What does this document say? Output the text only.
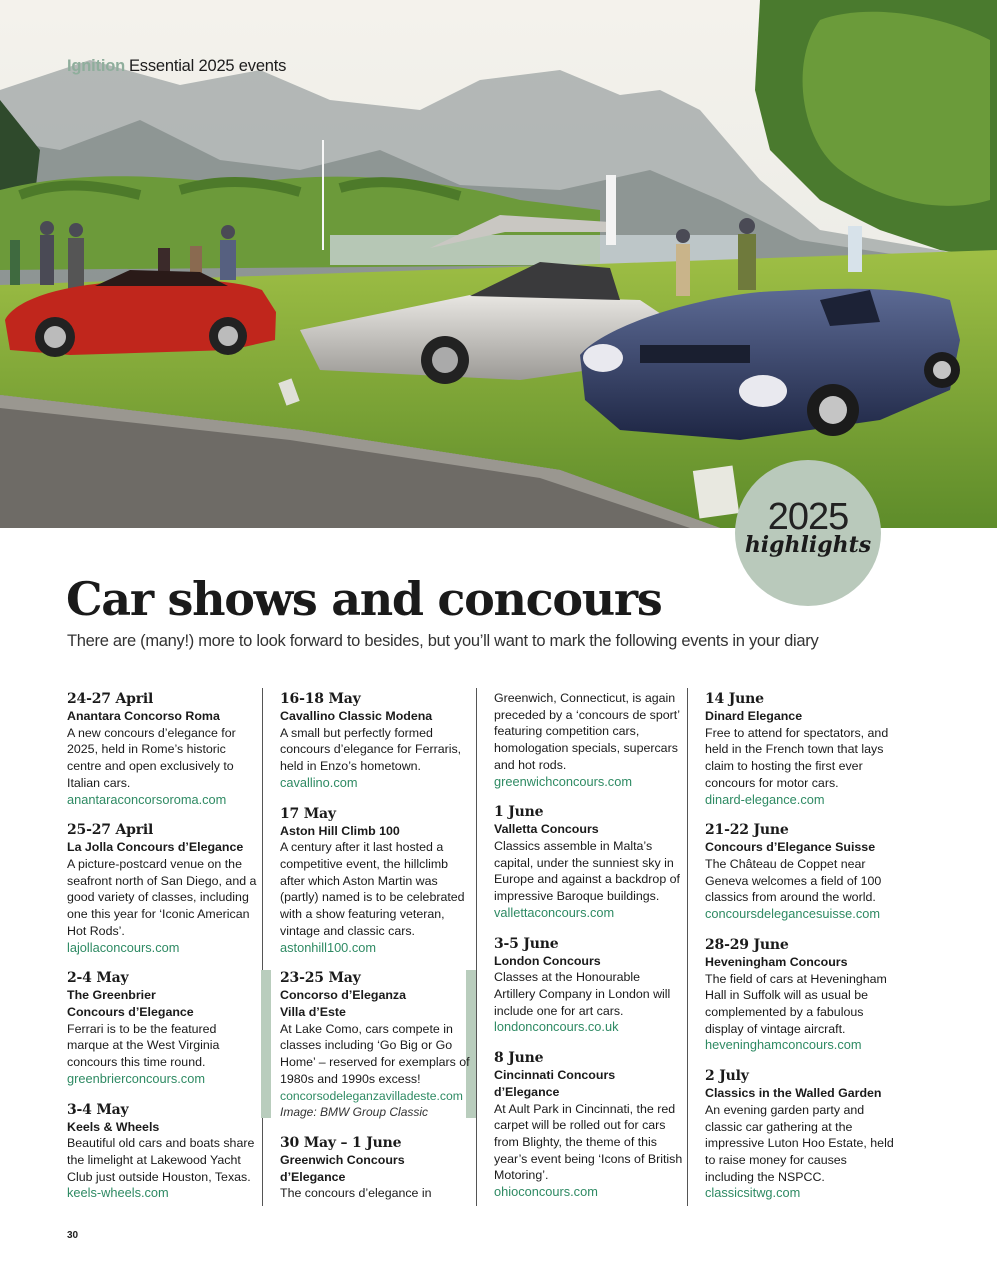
Ignition Essential 2025 events
2025
highlights
Car shows and concours

There are (many!) more to look forward to besides, but you’ll want to mark the following events in your diary

24-27 April
Anantara Concorso Roma
A new concours d’elegance for 2025, held in Rome’s historic centre and open exclusively to Italian cars.
anantaraconcorsoroma.com
25-27 April
La Jolla Concours d’Elegance
A picture-postcard venue on the seafront north of San Diego, and a good variety of classes, including one this year for ‘Iconic American Hot Rods’.
lajollaconcours.com
2-4 May
The Greenbrier Concours d’Elegance
Ferrari is to be the featured marque at the West Virginia concours this time round.
greenbrierconcours.com
3-4 May
Keels & Wheels
Beautiful old cars and boats share the limelight at Lakewood Yacht Club just outside Houston, Texas.
keels-wheels.com
16-18 May
Cavallino Classic Modena
A small but perfectly formed concours d’elegance for Ferraris, held in Enzo’s hometown.
cavallino.com
17 May
Aston Hill Climb 100
A century after it last hosted a competitive event, the hillclimb after which Aston Martin was (partly) named is to be celebrated with a show featuring veteran, vintage and classic cars.
astonhill100.com
23-25 May
Concorso d’Eleganza Villa d’Este
At Lake Como, cars compete in classes including ‘Go Big or Go Home’ – reserved for exemplars of 1980s and 1990s excess!
concorsodeleganzavilladeste.com
Image: BMW Group Classic
30 May – 1 June
Greenwich Concours d’Elegance
The concours d’elegance in
Greenwich, Connecticut, is again preceded by a ‘concours de sport’ featuring competition cars, homologation specials, supercars and hot rods.
greenwichconcours.com
1 June
Valletta Concours
Classics assemble in Malta’s capital, under the sunniest sky in Europe and against a backdrop of impressive Baroque buildings.
vallettaconcours.com
3-5 June
London Concours
Classes at the Honourable Artillery Company in London will include one for art cars.
londonconcours.co.uk
8 June
Cincinnati Concours d’Elegance
At Ault Park in Cincinnati, the red carpet will be rolled out for cars from Blighty, the theme of this year’s event being ‘Icons of British Motoring’.
ohioconcours.com
14 June
Dinard Elegance
Free to attend for spectators, and held in the French town that lays claim to hosting the first ever concours for motor cars.
dinard-elegance.com
21-22 June
Concours d’Elegance Suisse
The Château de Coppet near Geneva welcomes a field of 100 classics from around the world.
concoursdelegancesuisse.com
28-29 June
Heveningham Concours
The field of cars at Heveningham Hall in Suffolk will as usual be complemented by a fabulous display of vintage aircraft.
heveninghamconcours.com
2 July
Classics in the Walled Garden
An evening garden party and classic car gathering at the impressive Luton Hoo Estate, held to raise money for causes including the NSPCC.
classicsitwg.com
30
